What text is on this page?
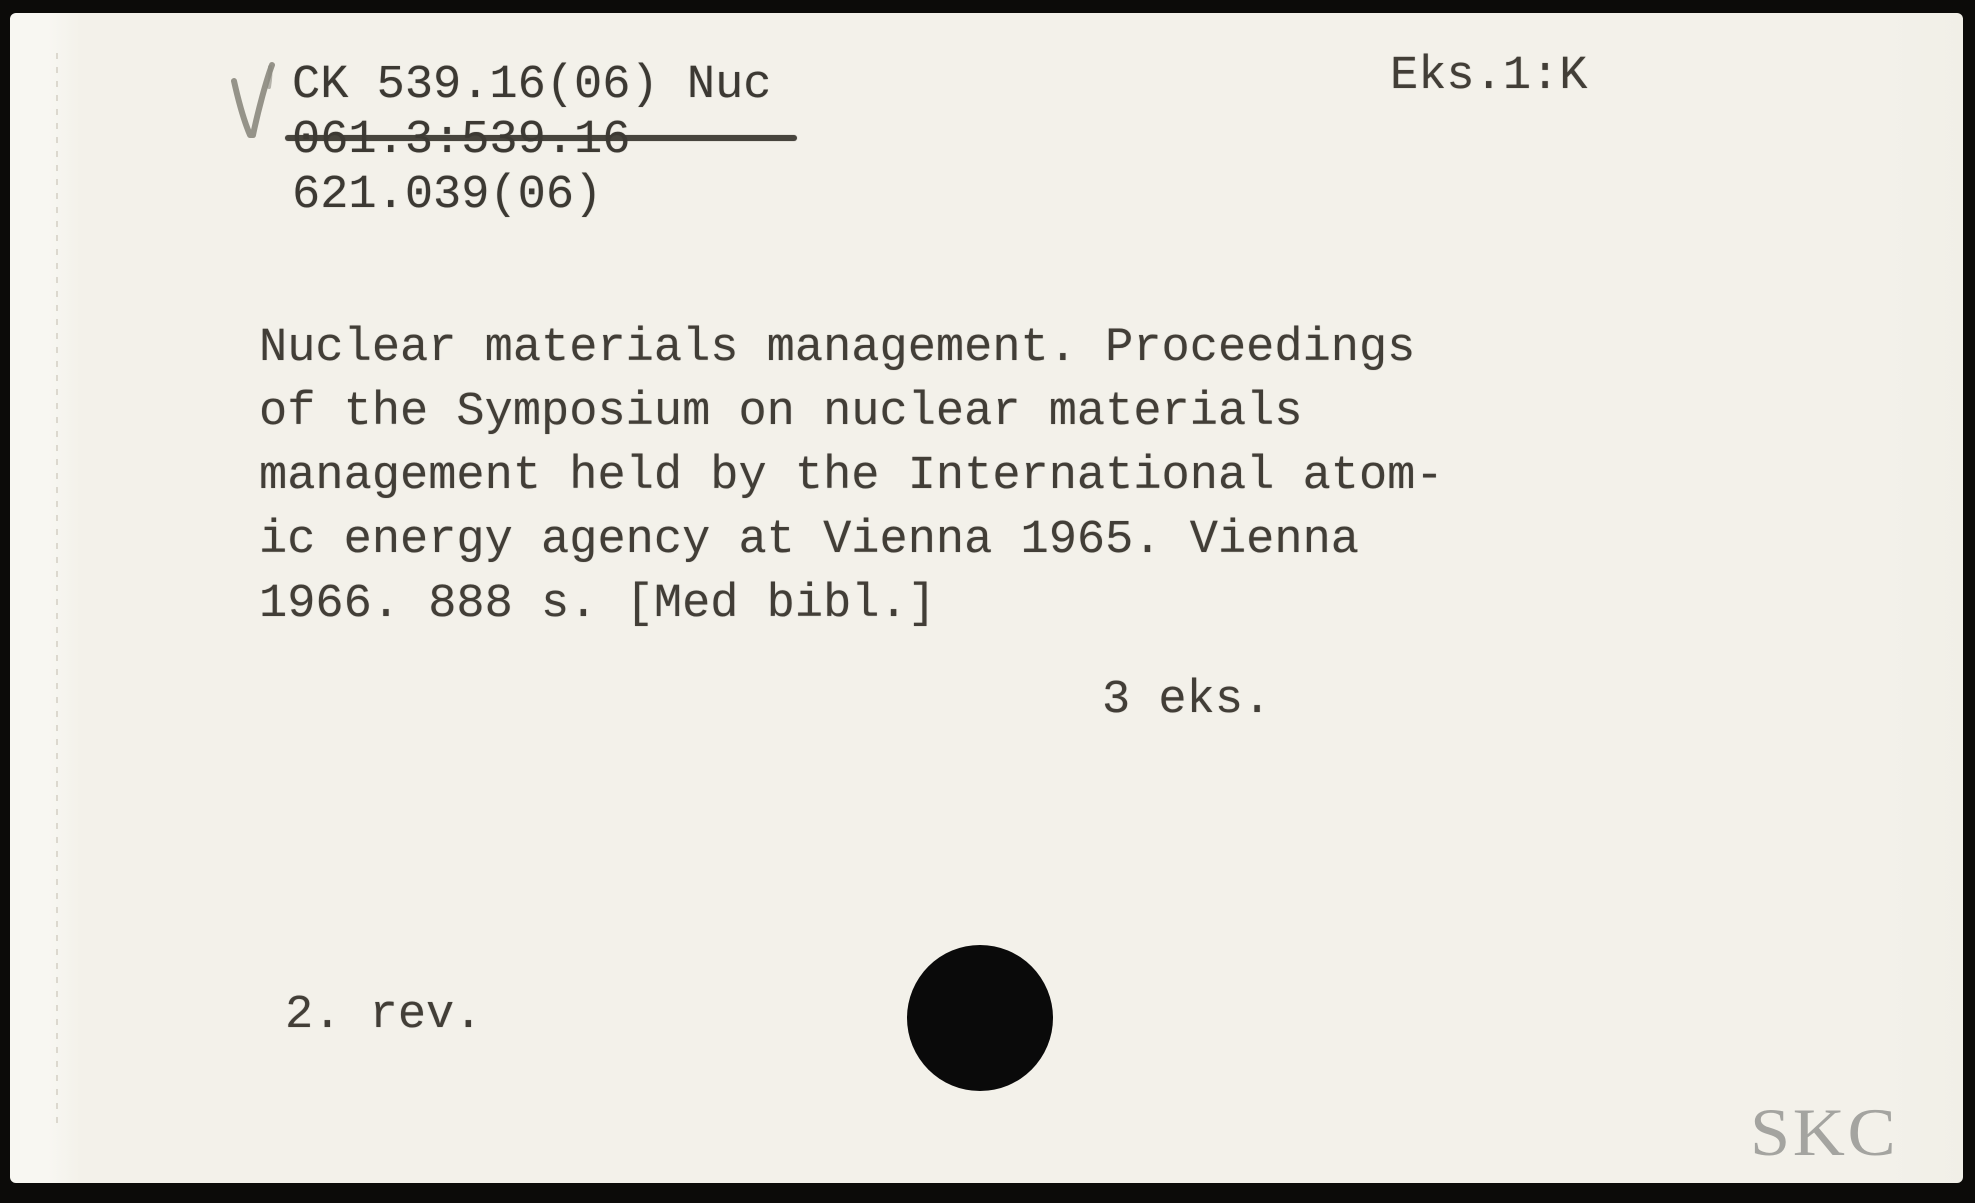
CK 539.16(06) Nuc
061.3:539.16
621.039(06)
Eks.1:K
Nuclear materials management. Proceedings
of the Symposium on nuclear materials
management held by the International atom-
ic energy agency at Vienna 1965. Vienna
1966. 888 s. [Med bibl.]
3 eks.
2. rev.
SKC
